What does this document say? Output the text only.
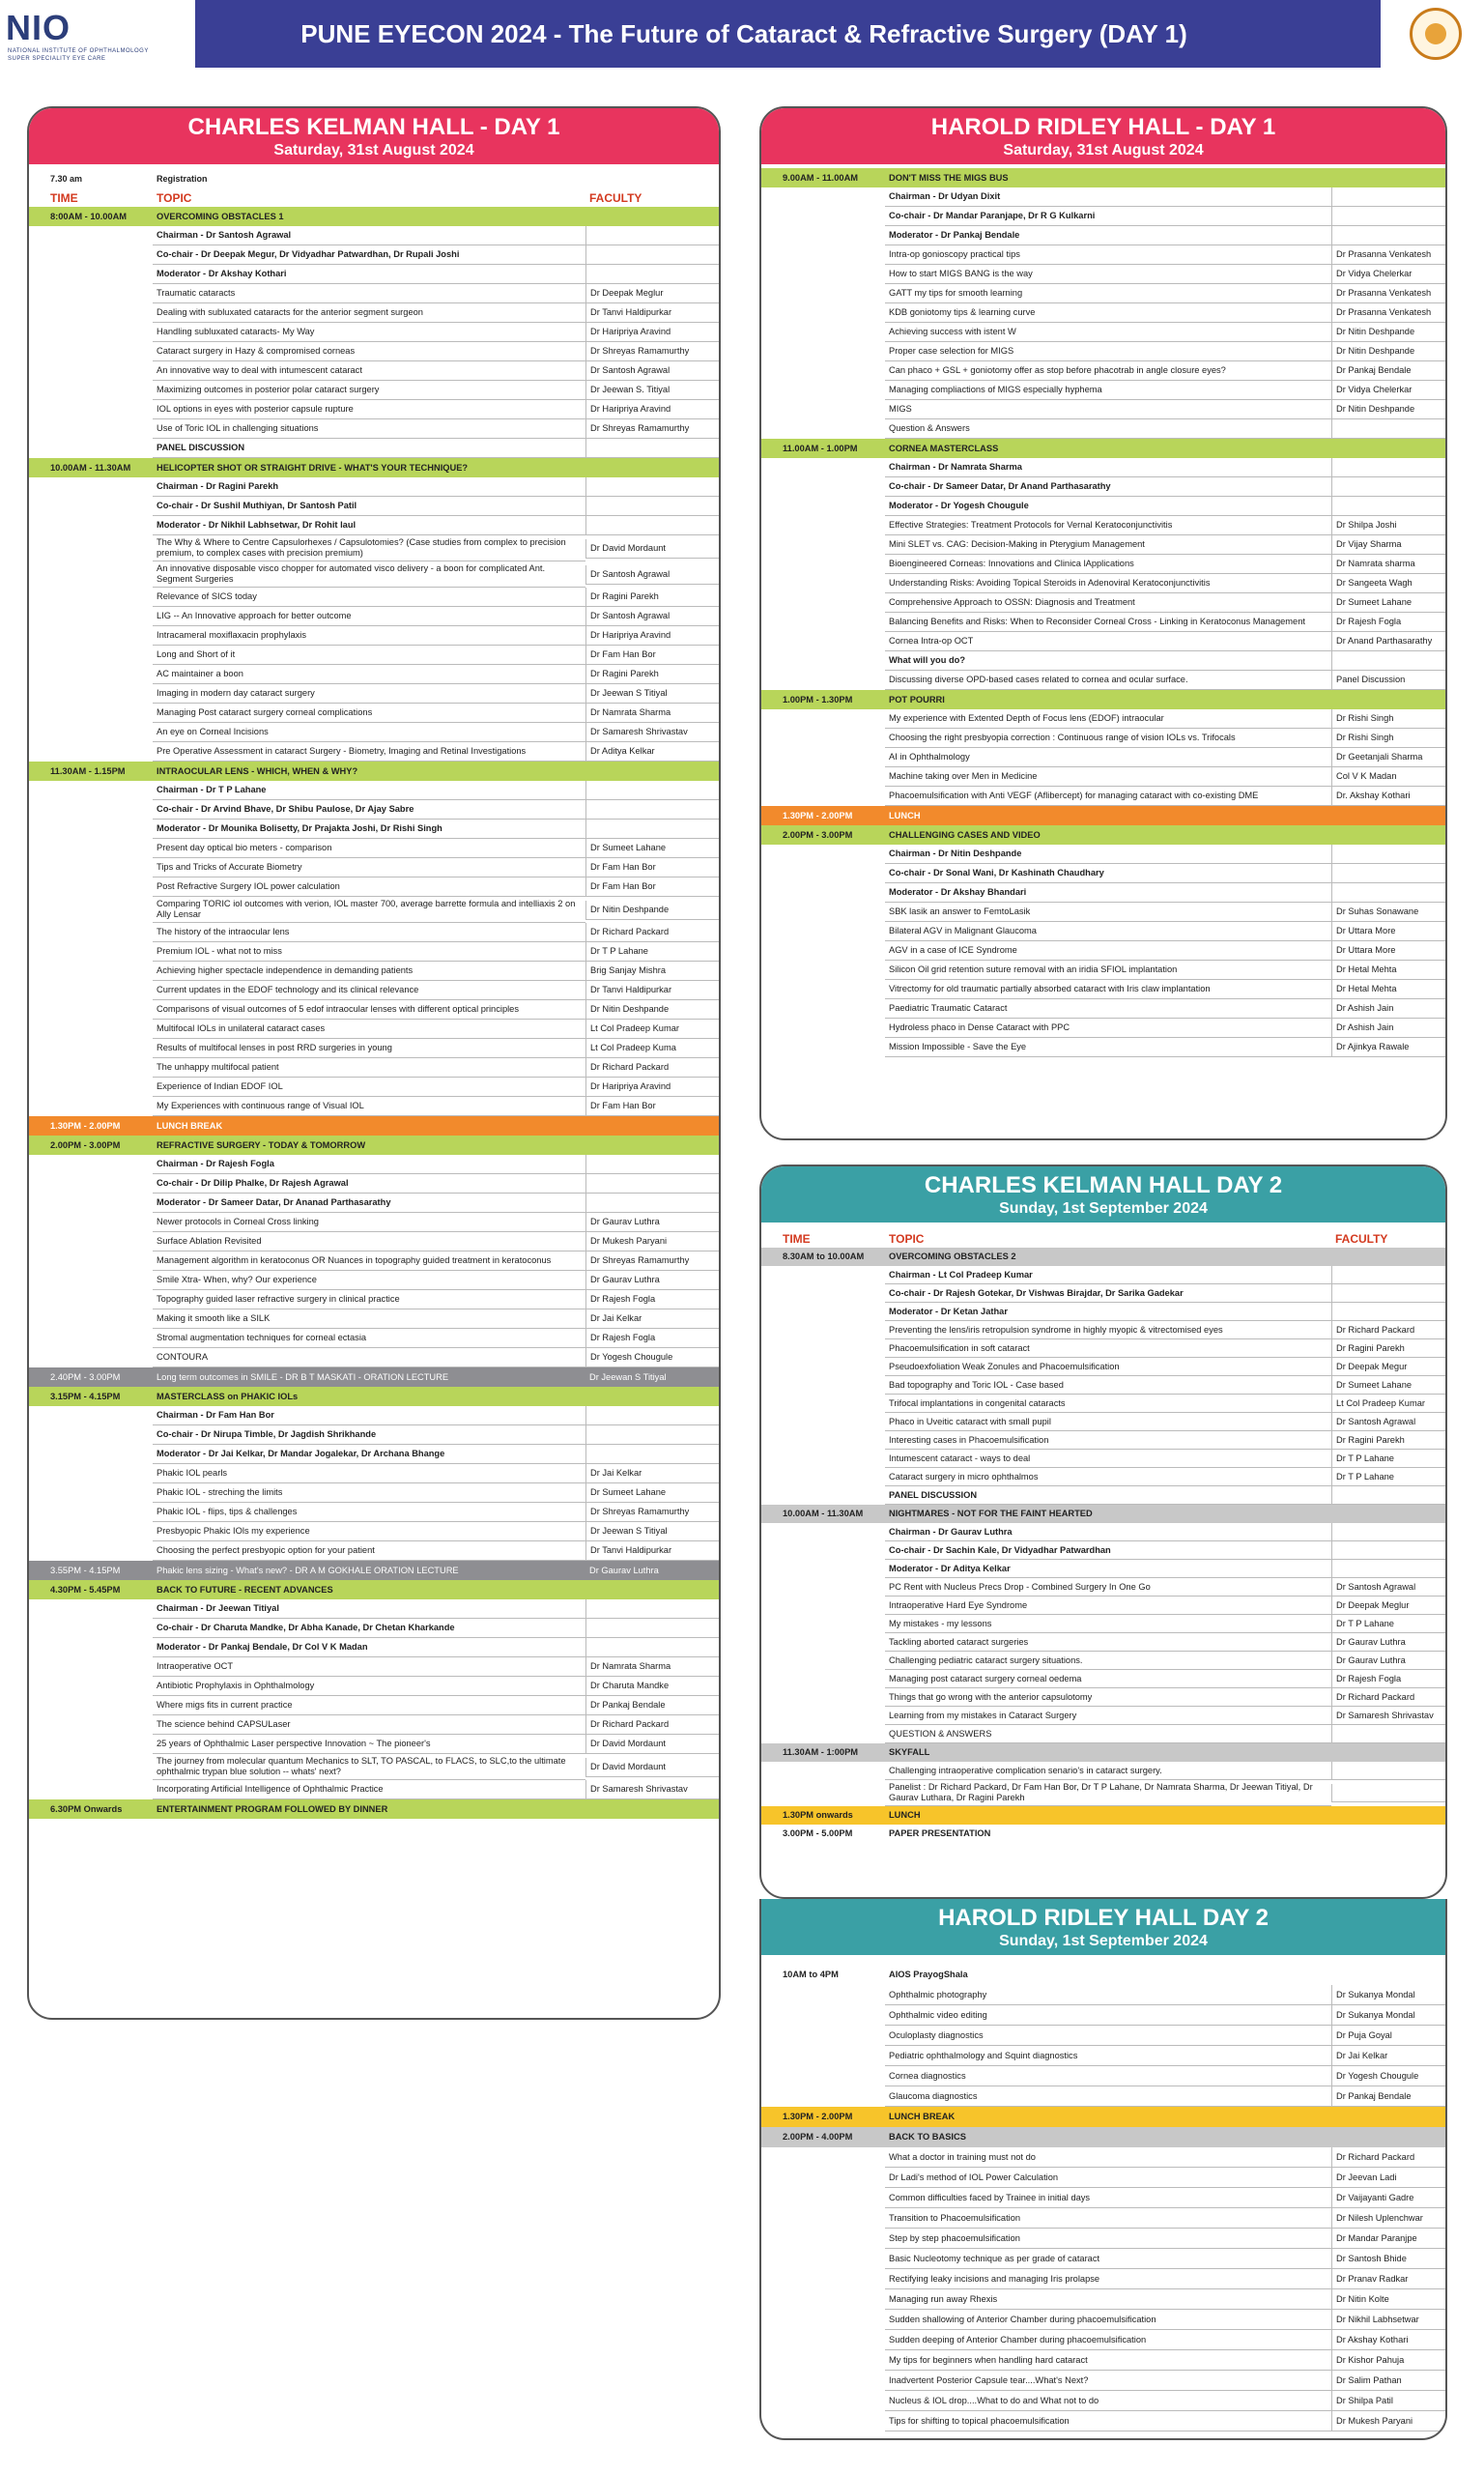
NIO
NATIONAL INSTITUTE OF OPHTHALMOLOGY
SUPER SPECIALITY EYE CARE
PUNE EYECON 2024 - The Future of Cataract & Refractive Surgery (DAY 1)
CHARLES KELMAN HALL - DAY 1
Saturday, 31st August 2024
7.30 am	Registration
TIME	TOPIC	FACULTY
8:00AM - 10.00AM	OVERCOMING OBSTACLES 1
Chairman - Dr Santosh Agrawal
Co-chair - Dr Deepak Megur, Dr Vidyadhar Patwardhan, Dr Rupali Joshi
Moderator - Dr Akshay Kothari
Traumatic cataracts	Dr Deepak Meglur
Dealing with subluxated cataracts for the anterior segment surgeon	Dr Tanvi Haldipurkar
Handling subluxated cataracts- My Way	Dr Haripriya Aravind
Cataract surgery in Hazy & compromised corneas	Dr Shreyas Ramamurthy
An innovative way to deal with intumescent cataract	Dr Santosh Agrawal
Maximizing outcomes in posterior polar cataract surgery	Dr Jeewan S. Titiyal
IOL options in eyes with posterior capsule rupture	Dr Haripriya Aravind
Use of Toric IOL in challenging situations	Dr Shreyas Ramamurthy
PANEL DISCUSSION
10.00AM - 11.30AM	HELICOPTER SHOT OR STRAIGHT DRIVE - WHAT'S YOUR TECHNIQUE?
Chairman - Dr Ragini Parekh
Co-chair - Dr Sushil Muthiyan, Dr Santosh Patil
Moderator - Dr Nikhil Labhsetwar, Dr Rohit laul
The Why & Where to Centre Capsulorhexes / Capsulotomies? (Case studies from complex to precision premium, to complex cases with precision premium)
Dr David Mordaunt
An innovative disposable visco chopper for automated visco delivery - a boon for complicated Ant. Segment Surgeries
Dr Santosh Agrawal
Relevance of SICS today	Dr Ragini Parekh
LIG -- An Innovative approach for better outcome	Dr Santosh Agrawal
Intracameral moxiflaxacin prophylaxis	Dr Haripriya Aravind
Long and Short of it	Dr Fam Han Bor
AC maintainer a boon	Dr Ragini Parekh
Imaging in modern day cataract surgery	Dr Jeewan S Titiyal
Managing Post cataract surgery corneal complications	Dr Namrata Sharma
An eye on Corneal Incisions	Dr Samaresh Shrivastav
Pre Operative Assessment in cataract Surgery - Biometry, Imaging and Retinal Investigations	Dr Aditya Kelkar
11.30AM - 1.15PM	INTRAOCULAR LENS - WHICH, WHEN & WHY?
Chairman - Dr T P Lahane
Co-chair - Dr Arvind Bhave, Dr Shibu Paulose, Dr Ajay Sabre
Moderator - Dr Mounika Bolisetty, Dr Prajakta Joshi, Dr Rishi Singh
Present day optical bio meters - comparison	Dr Sumeet Lahane
Tips and Tricks of Accurate Biometry	Dr Fam Han Bor
Post Refractive Surgery IOL power calculation	Dr Fam Han Bor
Comparing TORIC iol outcomes with verion, IOL master 700, average barrette formula and intelliaxis 2 on Ally Lensar
Dr Nitin Deshpande
The history of the intraocular lens	Dr Richard Packard
Premium IOL - what not to miss	Dr T P Lahane
Achieving higher spectacle independence in demanding patients	Brig Sanjay Mishra
Current updates in the EDOF technology and its clinical relevance	Dr Tanvi Haldipurkar
Comparisons of visual outcomes of 5 edof intraocular lenses with different optical principles	Dr Nitin Deshpande
Multifocal IOLs in unilateral cataract cases	Lt Col Pradeep Kumar
Results of multifocal lenses in post RRD surgeries in young	Lt Col Pradeep Kuma
The unhappy multifocal patient	Dr Richard Packard
Experience of Indian EDOF IOL	Dr Haripriya Aravind
My Experiences with continuous range of Visual IOL	Dr Fam Han Bor
1.30PM - 2.00PM	LUNCH BREAK
2.00PM - 3.00PM	REFRACTIVE SURGERY - TODAY & TOMORROW
Chairman - Dr Rajesh Fogla
Co-chair - Dr Dilip Phalke, Dr Rajesh Agrawal
Moderator - Dr Sameer Datar, Dr Ananad Parthasarathy
Newer protocols in Corneal Cross linking	Dr Gaurav Luthra
Surface Ablation Revisited	Dr Mukesh Paryani
Management algorithm in keratoconus OR Nuances in topography guided treatment in keratoconus	Dr Shreyas Ramamurthy
Smile Xtra- When, why? Our experience	Dr Gaurav Luthra
Topography guided laser refractive surgery in clinical practice	Dr Rajesh Fogla
Making it smooth like a SILK	Dr Jai Kelkar
Stromal augmentation techniques for corneal ectasia	Dr Rajesh Fogla
CONTOURA	Dr Yogesh Chougule
2.40PM - 3.00PM	Long term outcomes in SMILE - DR B T MASKATI - ORATION LECTURE	Dr Jeewan S Titiyal
3.15PM - 4.15PM	MASTERCLASS on PHAKIC IOLs
Chairman - Dr Fam Han Bor
Co-chair - Dr Nirupa Timble, Dr Jagdish Shrikhande
Moderator - Dr Jai Kelkar, Dr Mandar Jogalekar, Dr Archana Bhange
Phakic IOL pearls	Dr Jai Kelkar
Phakic IOL - streching the limits	Dr Sumeet Lahane
Phakic IOL - flips, tips & challenges	Dr Shreyas Ramamurthy
Presbyopic Phakic IOls my experience	Dr Jeewan S Titiyal
Choosing the perfect presbyopic option for your patient	Dr Tanvi Haldipurkar
3.55PM - 4.15PM	Phakic lens sizing - What's new? - DR A M GOKHALE ORATION LECTURE	Dr Gaurav Luthra
4.30PM - 5.45PM	BACK TO FUTURE - RECENT ADVANCES
Chairman - Dr Jeewan Titiyal
Co-chair - Dr Charuta Mandke, Dr Abha Kanade, Dr Chetan Kharkande
Moderator - Dr Pankaj Bendale, Dr Col V K Madan
Intraoperative OCT	Dr Namrata Sharma
Antibiotic Prophylaxis in Ophthalmology	Dr Charuta Mandke
Where migs fits in current practice	Dr Pankaj Bendale
The science behind CAPSULaser	Dr Richard Packard
25 years of Ophthalmic Laser perspective Innovation ~ The pioneer's	Dr David Mordaunt
The journey from molecular quantum Mechanics to SLT, TO PASCAL, to FLACS, to SLC,to the ultimate ophthalmic trypan blue solution -- whats' next?
Dr David Mordaunt
Incorporating Artificial Intelligence of Ophthalmic Practice	Dr Samaresh Shrivastav
6.30PM Onwards	ENTERTAINMENT PROGRAM FOLLOWED BY DINNER
HAROLD RIDLEY HALL - DAY 1
Saturday, 31st August 2024
9.00AM - 11.00AM	DON'T MISS THE MIGS BUS
Chairman - Dr Udyan Dixit
Co-chair - Dr Mandar Paranjape, Dr R G Kulkarni
Moderator - Dr Pankaj Bendale
Intra-op gonioscopy practical tips	Dr Prasanna Venkatesh
How to start MIGS BANG is the way	Dr Vidya Chelerkar
GATT my tips for smooth learning	Dr Prasanna Venkatesh
KDB goniotomy tips & learning curve	Dr Prasanna Venkatesh
Achieving success with istent W	Dr Nitin Deshpande
Proper case selection for MIGS	Dr Nitin Deshpande
Can phaco + GSL + goniotomy offer as stop before phacotrab in angle closure eyes?	Dr Pankaj Bendale
Managing compliactions of MIGS especially hyphema	Dr Vidya Chelerkar
MIGS	Dr Nitin Deshpande
Question & Answers
11.00AM - 1.00PM	CORNEA MASTERCLASS
Chairman - Dr Namrata Sharma
Co-chair - Dr Sameer Datar, Dr Anand Parthasarathy
Moderator - Dr Yogesh Chougule
Effective Strategies: Treatment Protocols for Vernal Keratoconjunctivitis	Dr Shilpa Joshi
Mini SLET vs. CAG: Decision-Making in Pterygium Management	Dr Vijay Sharma
Bioengineered Corneas: Innovations and Clinica lApplications	Dr Namrata sharma
Understanding Risks: Avoiding Topical Steroids in Adenoviral Keratoconjunctivitis	Dr Sangeeta Wagh
Comprehensive Approach to OSSN: Diagnosis and Treatment	Dr Sumeet Lahane
Balancing Benefits and Risks: When to Reconsider Corneal Cross - Linking in Keratoconus Management	Dr Rajesh Fogla
Cornea Intra-op OCT	Dr Anand Parthasarathy
What will you do?
Discussing diverse OPD-based cases related to cornea and ocular surface.	Panel Discussion
1.00PM - 1.30PM	POT POURRI
My experience with Extented Depth of Focus lens (EDOF) intraocular	Dr Rishi Singh
Choosing the right presbyopia correction : Continuous range of vision IOLs vs. Trifocals	Dr Rishi Singh
AI in Ophthalmology	Dr Geetanjali Sharma
Machine taking over Men in Medicine	Col V K Madan
Phacoemulsification with Anti VEGF (Aflibercept) for managing cataract with co-existing DME	Dr. Akshay Kothari
1.30PM - 2.00PM	LUNCH
2.00PM - 3.00PM	CHALLENGING CASES AND VIDEO
Chairman - Dr Nitin Deshpande
Co-chair - Dr Sonal Wani, Dr Kashinath Chaudhary
Moderator - Dr Akshay Bhandari
SBK lasik an answer to FemtoLasik	Dr Suhas Sonawane
Bilateral AGV in Malignant Glaucoma	Dr Uttara More
AGV in a case of ICE Syndrome	Dr Uttara More
Silicon Oil grid retention suture removal with an iridia SFIOL implantation	Dr Hetal Mehta
Vitrectomy for old traumatic partially absorbed cataract with Iris claw implantation	Dr Hetal Mehta
Paediatric Traumatic Cataract	Dr Ashish Jain
Hydroless phaco in Dense Cataract with PPC	Dr Ashish Jain
Mission Impossible - Save the Eye	Dr Ajinkya Rawale
CHARLES KELMAN HALL DAY 2
Sunday, 1st September 2024
TIME	TOPIC	FACULTY
8.30AM to 10.00AM	OVERCOMING OBSTACLES 2
Chairman - Lt Col Pradeep Kumar
Co-chair - Dr Rajesh Gotekar, Dr Vishwas Birajdar, Dr Sarika Gadekar
Moderator - Dr Ketan Jathar
Preventing the lens/iris retropulsion syndrome in highly myopic & vitrectomised eyes	Dr Richard Packard
Phacoemulsification in soft cataract	Dr Ragini Parekh
Pseudoexfoliation Weak Zonules and Phacoemulsification	Dr Deepak Megur
Bad topography and Toric IOL - Case based	Dr Sumeet Lahane
Trifocal implantations in congenital cataracts	Lt Col Pradeep Kumar
Phaco in Uveitic cataract with small pupil	Dr Santosh Agrawal
Interesting cases in Phacoemulsification	Dr Ragini Parekh
Intumescent cataract - ways to deal	Dr T P Lahane
Cataract surgery in micro ophthalmos	Dr T P Lahane
PANEL DISCUSSION
10.00AM - 11.30AM	NIGHTMARES - NOT FOR THE FAINT HEARTED
Chairman - Dr Gaurav Luthra
Co-chair - Dr Sachin Kale, Dr Vidyadhar Patwardhan
Moderator - Dr Aditya Kelkar
PC Rent with Nucleus Precs Drop - Combined Surgery In One Go	Dr Santosh Agrawal
Intraoperative Hard Eye Syndrome	Dr Deepak Meglur
My mistakes - my lessons	Dr T P Lahane
Tackling aborted cataract surgeries	Dr Gaurav Luthra
Challenging pediatric cataract surgery situations.	Dr Gaurav Luthra
Managing post cataract surgery corneal oedema	Dr Rajesh Fogla
Things that go wrong with the anterior capsulotomy	Dr Richard Packard
Learning from my mistakes in Cataract Surgery	Dr Samaresh Shrivastav
QUESTION & ANSWERS
11.30AM - 1:00PM	SKYFALL
Challenging intraoperative complication senario's in cataract surgery.
Panelist : Dr Richard Packard, Dr Fam Han Bor, Dr T P Lahane, Dr Namrata Sharma, Dr Jeewan Titiyal, Dr Gaurav Luthara, Dr Ragini Parekh
1.30PM onwards	LUNCH
3.00PM - 5.00PM	PAPER PRESENTATION
HAROLD RIDLEY HALL DAY 2
Sunday, 1st September 2024
10AM to 4PM	AIOS PrayogShala
Ophthalmic photography	Dr Sukanya Mondal
Ophthalmic video editing	Dr Sukanya Mondal
Oculoplasty diagnostics	Dr Puja Goyal
Pediatric ophthalmology and Squint diagnostics	Dr Jai Kelkar
Cornea diagnostics	Dr Yogesh Chougule
Glaucoma diagnostics	Dr Pankaj Bendale
1.30PM - 2.00PM	LUNCH BREAK
2.00PM - 4.00PM	BACK TO BASICS
What a doctor in training must not do	Dr Richard Packard
Dr Ladi's method of IOL Power Calculation	Dr Jeevan Ladi
Common difficulties faced by Trainee in initial days	Dr Vaijayanti Gadre
Transition to Phacoemulsification	Dr Nilesh Uplenchwar
Step by step phacoemulsification	Dr Mandar Paranjpe
Basic Nucleotomy technique as per grade of cataract	Dr Santosh Bhide
Rectifying leaky incisions and managing Iris prolapse	Dr Pranav Radkar
Managing run away Rhexis	Dr Nitin Kolte
Sudden shallowing of Anterior Chamber during phacoemulsification	Dr Nikhil Labhsetwar
Sudden deeping of Anterior Chamber during phacoemulsification	Dr Akshay Kothari
My tips for beginners when handling hard cataract	Dr Kishor Pahuja
Inadvertent Posterior Capsule tear....What's Next?	Dr Salim Pathan
Nucleus & IOL drop....What to do and What not to do	Dr Shilpa Patil
Tips for shifting to topical phacoemulsification	Dr Mukesh Paryani
